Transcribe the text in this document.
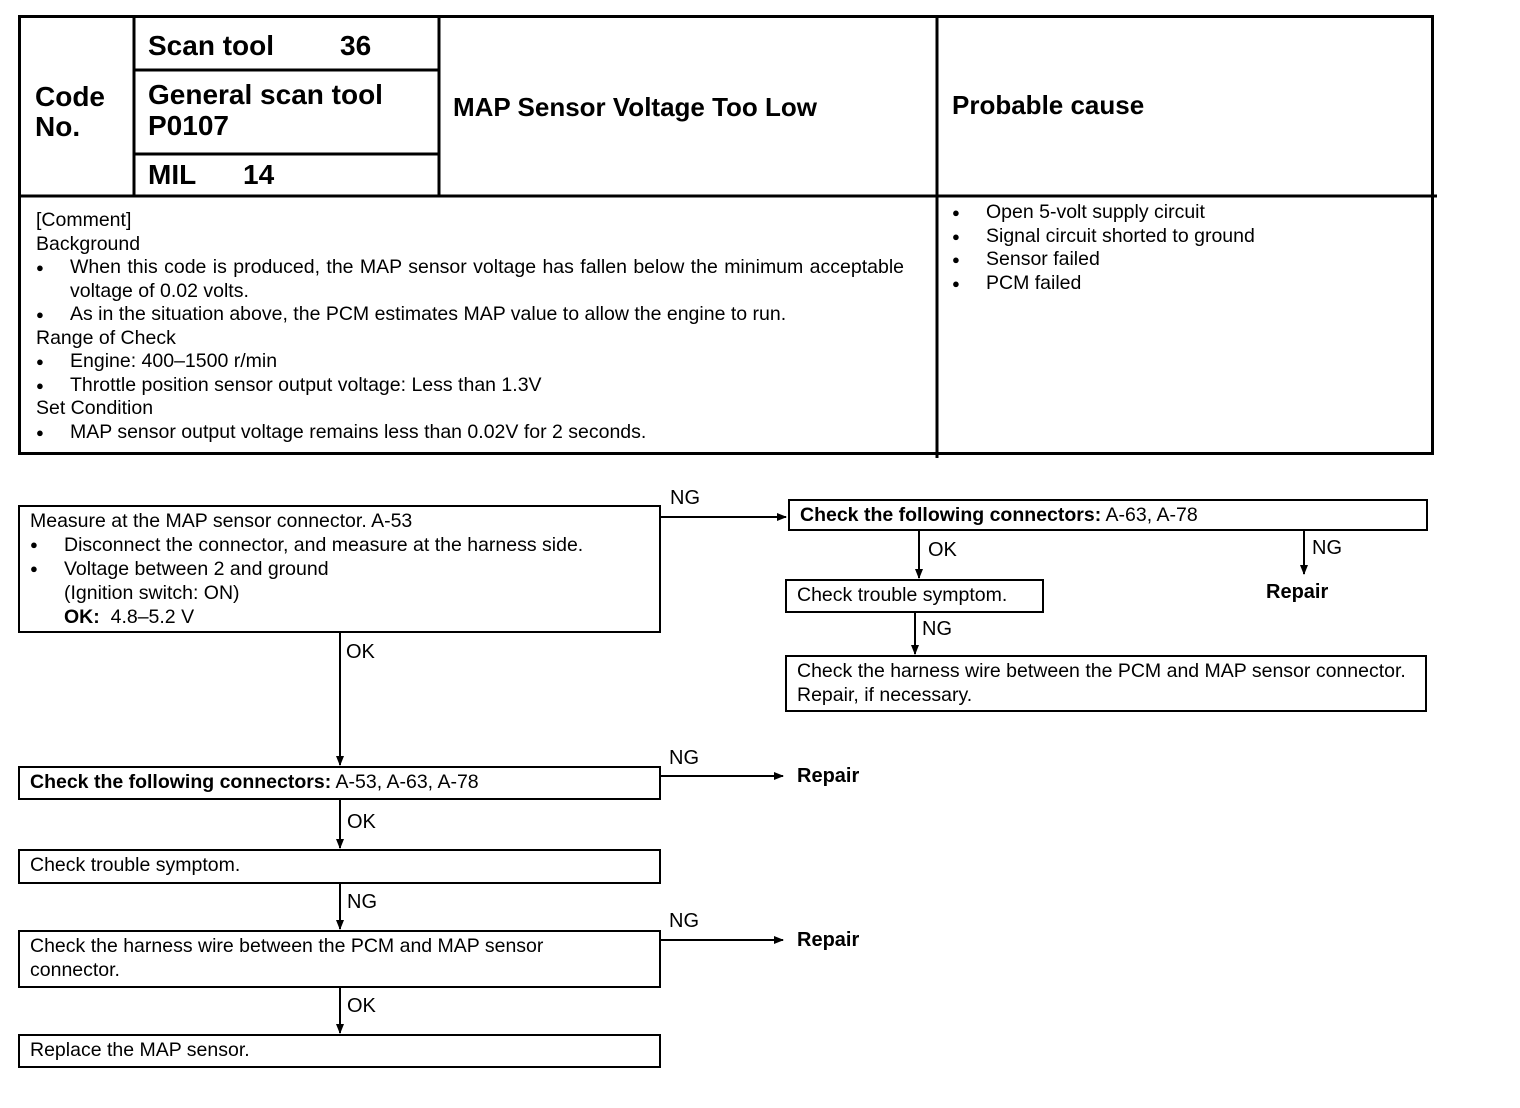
Code
No.
Scan tool 36
General scan tool
P0107
MIL 14
MAP Sensor Voltage Too Low	Probable cause
[Comment]
Background
● When this code is produced, the MAP sensor voltage has fallen below the minimum acceptable voltage of 0.02 volts.
● As in the situation above, the PCM estimates MAP value to allow the engine to run.
Range of Check
● Engine: 400–1500 r/min
● Throttle position sensor output voltage: Less than 1.3V
Set Condition
● MAP sensor output voltage remains less than 0.02V for 2 seconds.
● Open 5-volt supply circuit
● Signal circuit shorted to ground
● Sensor failed
● PCM failed
Measure at the MAP sensor connector. A-53
● Disconnect the connector, and measure at the harness side.
● Voltage between 2 and ground
(Ignition switch: ON)
OK: 4.8–5.2 V
Check the following connectors: A-53, A-63, A-78
Check trouble symptom.
Check the harness wire between the PCM and MAP sensor connector.
Replace the MAP sensor.
Check the following connectors: A-63, A-78
Check trouble symptom.
Check the harness wire between the PCM and MAP sensor connector. Repair, if necessary.
NG
OK
NG
Repair
OK
NG
NG
Repair
OK
OK	NG
Repair
NG
